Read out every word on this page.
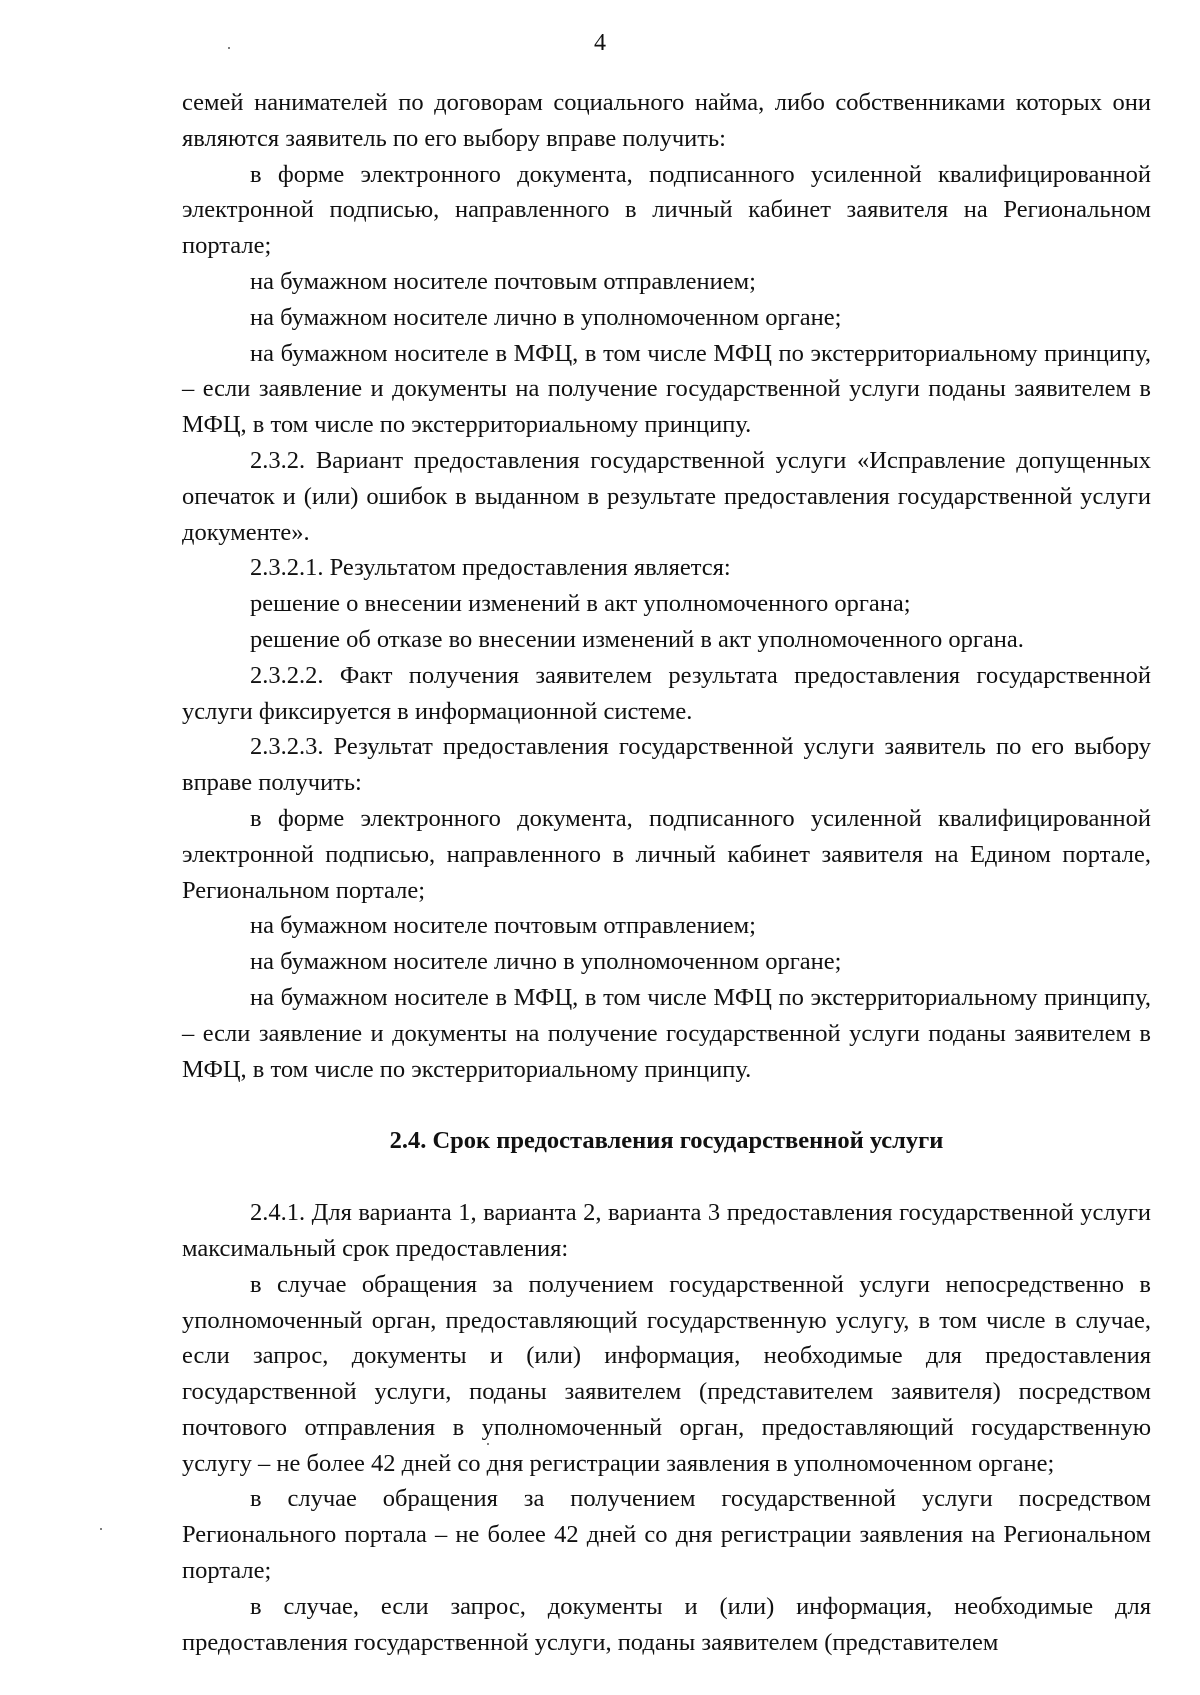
4

семей нанимателей по договорам социального найма, либо собственниками которых они являются заявитель по его выбору вправе получить:

в форме электронного документа, подписанного усиленной квалифицированной электронной подписью, направленного в личный кабинет заявителя на Региональном портале;

на бумажном носителе почтовым отправлением;

на бумажном носителе лично в уполномоченном органе;

на бумажном носителе в МФЦ, в том числе МФЦ по экстерриториальному принципу, – если заявление и документы на получение государственной услуги поданы заявителем в МФЦ, в том числе по экстерриториальному принципу.

2.3.2. Вариант предоставления государственной услуги «Исправление допущенных опечаток и (или) ошибок в выданном в результате предоставления государственной услуги документе».

2.3.2.1. Результатом предоставления является:

решение о внесении изменений в акт уполномоченного органа;

решение об отказе во внесении изменений в акт уполномоченного органа.

2.3.2.2. Факт получения заявителем результата предоставления государственной услуги фиксируется в информационной системе.

2.3.2.3. Результат предоставления государственной услуги заявитель по его выбору вправе получить:

в форме электронного документа, подписанного усиленной квалифицированной электронной подписью, направленного в личный кабинет заявителя на Едином портале, Региональном портале;

на бумажном носителе почтовым отправлением;

на бумажном носителе лично в уполномоченном органе;

на бумажном носителе в МФЦ, в том числе МФЦ по экстерриториальному принципу, – если заявление и документы на получение государственной услуги поданы заявителем в МФЦ, в том числе по экстерриториальному принципу.

2.4. Срок предоставления государственной услуги

2.4.1. Для варианта 1, варианта 2, варианта 3 предоставления государственной услуги максимальный срок предоставления:

в случае обращения за получением государственной услуги непосредственно в уполномоченный орган, предоставляющий государственную услугу, в том числе в случае, если запрос, документы и (или) информация, необходимые для предоставления государственной услуги, поданы заявителем (представителем заявителя) посредством почтового отправления в уполномоченный орган, предоставляющий государственную услугу – не более 42 дней со дня регистрации заявления в уполномоченном органе;

в случае обращения за получением государственной услуги посредством Регионального портала – не более 42 дней со дня регистрации заявления на Региональном портале;

в случае, если запрос, документы и (или) информация, необходимые для предоставления государственной услуги, поданы заявителем (представителем
